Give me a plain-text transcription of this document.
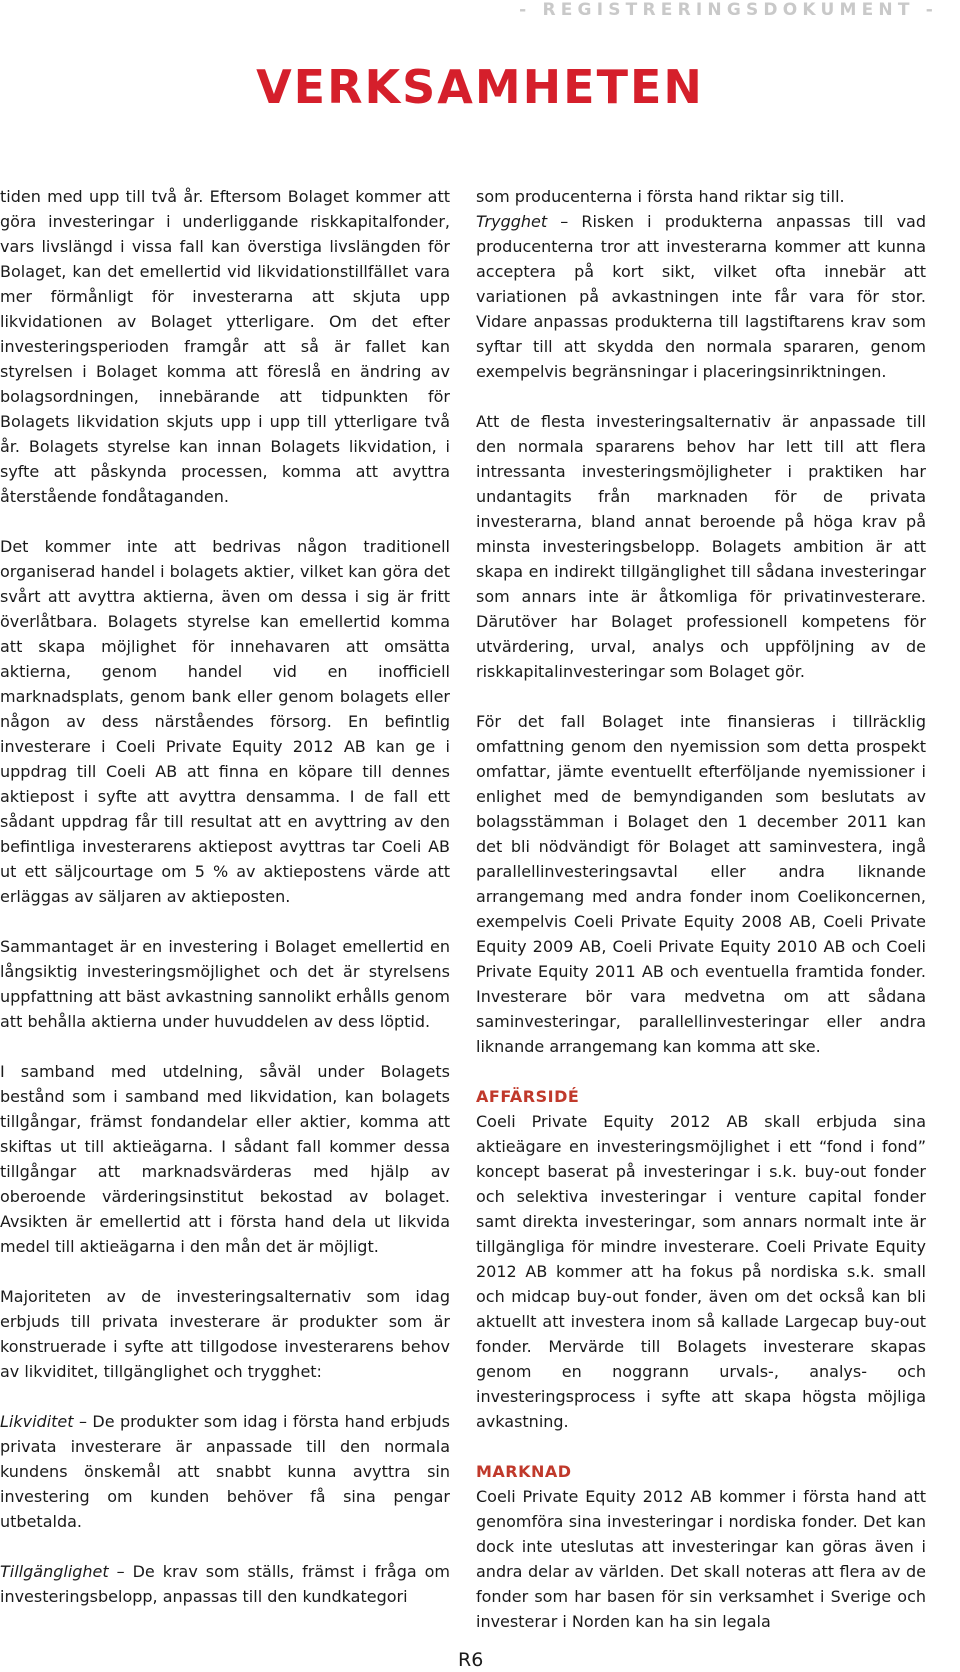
- REGISTRERINGSDOKUMENT -
VERKSAMHETEN

tiden med upp till två år. Eftersom Bolaget kommer att göra investeringar i underliggande riskkapitalfonder, vars livslängd i vissa fall kan överstiga livslängden för Bolaget, kan det emellertid vid likvidationstillfället vara mer förmånligt för investerarna att skjuta upp likvidationen av Bolaget ytterligare. Om det efter investeringsperioden framgår att så är fallet kan styrelsen i Bolaget komma att föreslå en ändring av bolagsordningen, innebärande att tidpunkten för Bolagets likvidation skjuts upp i upp till ytterligare två år. Bolagets styrelse kan innan Bolagets likvidation, i syfte att påskynda processen, komma att avyttra återstående fondåtaganden.

Det kommer inte att bedrivas någon traditionell organiserad handel i bolagets aktier, vilket kan göra det svårt att avyttra aktierna, även om dessa i sig är fritt överlåtbara. Bolagets styrelse kan emellertid komma att skapa möjlighet för innehavaren att omsätta aktierna, genom handel vid en inofficiell marknadsplats, genom bank eller genom bolagets eller någon av dess närståendes försorg. En befintlig investerare i Coeli Private Equity 2012 AB kan ge i uppdrag till Coeli AB att finna en köpare till dennes aktiepost i syfte att avyttra densamma. I de fall ett sådant uppdrag får till resultat att en avyttring av den befintliga investerarens aktiepost avyttras tar Coeli AB ut ett säljcourtage om 5 % av aktiepostens värde att erläggas av säljaren av aktieposten.

Sammantaget är en investering i Bolaget emellertid en långsiktig investeringsmöjlighet och det är styrelsens uppfattning att bäst avkastning sannolikt erhålls genom att behålla aktierna under huvuddelen av dess löptid.

I samband med utdelning, såväl under Bolagets bestånd som i samband med likvidation, kan bolagets tillgångar, främst fondandelar eller aktier, komma att skiftas ut till aktieägarna. I sådant fall kommer dessa tillgångar att marknadsvärderas med hjälp av oberoende värderingsinstitut bekostad av bolaget. Avsikten är emellertid att i första hand dela ut likvida medel till aktieägarna i den mån det är möjligt.

Majoriteten av de investeringsalternativ som idag erbjuds till privata investerare är produkter som är konstruerade i syfte att tillgodose investerarens behov av likviditet, tillgänglighet och trygghet:

Likviditet – De produkter som idag i första hand erbjuds privata investerare är anpassade till den normala kundens önskemål att snabbt kunna avyttra sin investering om kunden behöver få sina pengar utbetalda.

Tillgänglighet – De krav som ställs, främst i fråga om investeringsbelopp, anpassas till den kundkategori

som producenterna i första hand riktar sig till.

Trygghet – Risken i produkterna anpassas till vad producenterna tror att investerarna kommer att kunna acceptera på kort sikt, vilket ofta innebär att variationen på avkastningen inte får vara för stor. Vidare anpassas produkterna till lagstiftarens krav som syftar till att skydda den normala spararen, genom exempelvis begränsningar i placeringsinriktningen.

Att de flesta investeringsalternativ är anpassade till den normala spararens behov har lett till att flera intressanta investeringsmöjligheter i praktiken har undantagits från marknaden för de privata investerarna, bland annat beroende på höga krav på minsta investeringsbelopp. Bolagets ambition är att skapa en indirekt tillgänglighet till sådana investeringar som annars inte är åtkomliga för privatinvesterare. Därutöver har Bolaget professionell kompetens för utvärdering, urval, analys och uppföljning av de riskkapitalinvesteringar som Bolaget gör.

För det fall Bolaget inte finansieras i tillräcklig omfattning genom den nyemission som detta prospekt omfattar, jämte eventuellt efterföljande nyemissioner i enlighet med de bemyndiganden som beslutats av bolagsstämman i Bolaget den 1 december 2011 kan det bli nödvändigt för Bolaget att saminvestera, ingå parallellinvesteringsavtal eller andra liknande arrangemang med andra fonder inom Coelikoncernen, exempelvis Coeli Private Equity 2008 AB, Coeli Private Equity 2009 AB, Coeli Private Equity 2010 AB och Coeli Private Equity 2011 AB och eventuella framtida fonder. Investerare bör vara medvetna om att sådana saminvesteringar, parallellinvesteringar eller andra liknande arrangemang kan komma att ske.

AFFÄRSIDÉ

Coeli Private Equity 2012 AB skall erbjuda sina aktieägare en investeringsmöjlighet i ett “fond i fond” koncept baserat på investeringar i s.k. buy-out fonder och selektiva investeringar i venture capital fonder samt direkta investeringar, som annars normalt inte är tillgängliga för mindre investerare. Coeli Private Equity 2012 AB kommer att ha fokus på nordiska s.k. small och midcap buy-out fonder, även om det också kan bli aktuellt att investera inom så kallade Largecap buy-out fonder. Mervärde till Bolagets investerare skapas genom en noggrann urvals-, analys- och investeringsprocess i syfte att skapa högsta möjliga avkastning.

MARKNAD

Coeli Private Equity 2012 AB kommer i första hand att genomföra sina investeringar i nordiska fonder. Det kan dock inte uteslutas att investeringar kan göras även i andra delar av världen. Det skall noteras att flera av de fonder som har basen för sin verksamhet i Sverige och investerar i Norden kan ha sin legala

R6
